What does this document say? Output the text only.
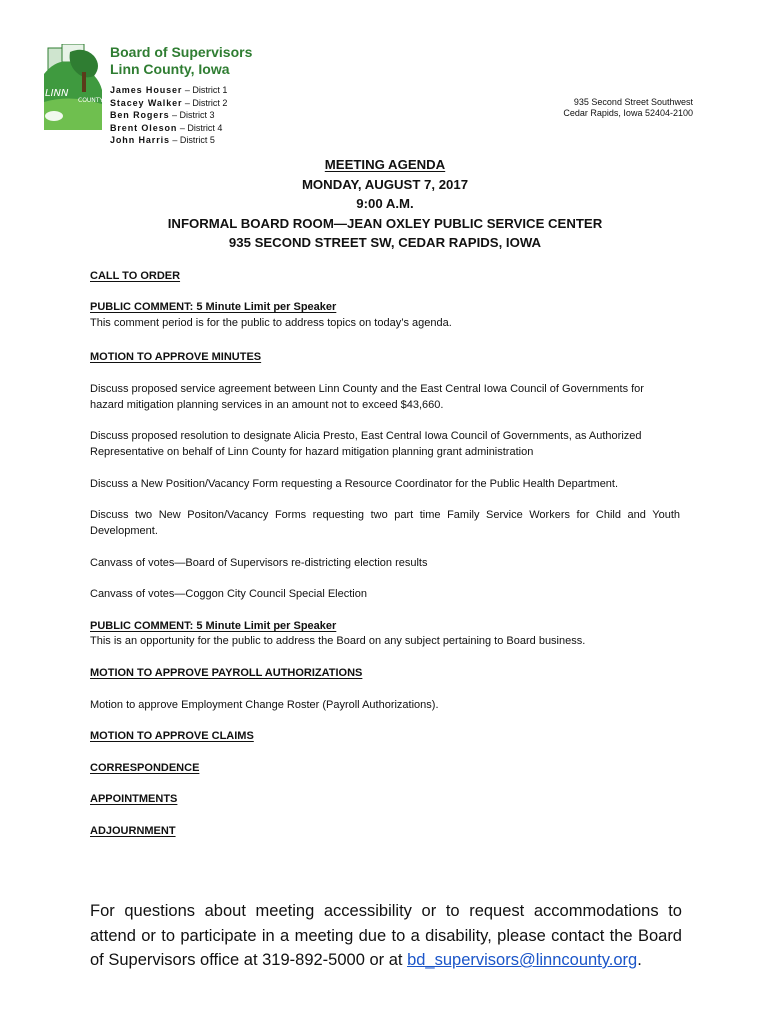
LINN
COUNTY
Board of Supervisors
Linn County, Iowa
James Houser – District 1
Stacey Walker – District 2
Ben Rogers – District 3
Brent Oleson – District 4
John Harris – District 5
935 Second Street Southwest
Cedar Rapids, Iowa 52404-2100
MEETING AGENDA
MONDAY, AUGUST 7, 2017
9:00 A.M.
INFORMAL BOARD ROOM—JEAN OXLEY PUBLIC SERVICE CENTER
935 SECOND STREET SW, CEDAR RAPIDS, IOWA
CALL TO ORDER
PUBLIC COMMENT: 5 Minute Limit per Speaker
This comment period is for the public to address topics on today’s agenda.
MOTION TO APPROVE MINUTES
Discuss proposed service agreement between Linn County and the East Central Iowa Council of Governments for hazard mitigation planning services in an amount not to exceed $43,660.
Discuss proposed resolution to designate Alicia Presto, East Central Iowa Council of Governments, as Authorized Representative on behalf of Linn County for hazard mitigation planning grant administration
Discuss a New Position/Vacancy Form requesting a Resource Coordinator for the Public Health Department.
Discuss two New Positon/Vacancy Forms requesting two part time Family Service Workers for Child and Youth Development.
Canvass of votes—Board of Supervisors re-districting election results
Canvass of votes—Coggon City Council Special Election
PUBLIC COMMENT: 5 Minute Limit per Speaker
This is an opportunity for the public to address the Board on any subject pertaining to Board business.
MOTION TO APPROVE PAYROLL AUTHORIZATIONS
Motion to approve Employment Change Roster (Payroll Authorizations).
MOTION TO APPROVE CLAIMS
CORRESPONDENCE
APPOINTMENTS
ADJOURNMENT
For questions about meeting accessibility or to request accommodations to attend or to participate in a meeting due to a disability, please contact the Board of Supervisors office at 319-892-5000 or at bd_supervisors@linncounty.org.
